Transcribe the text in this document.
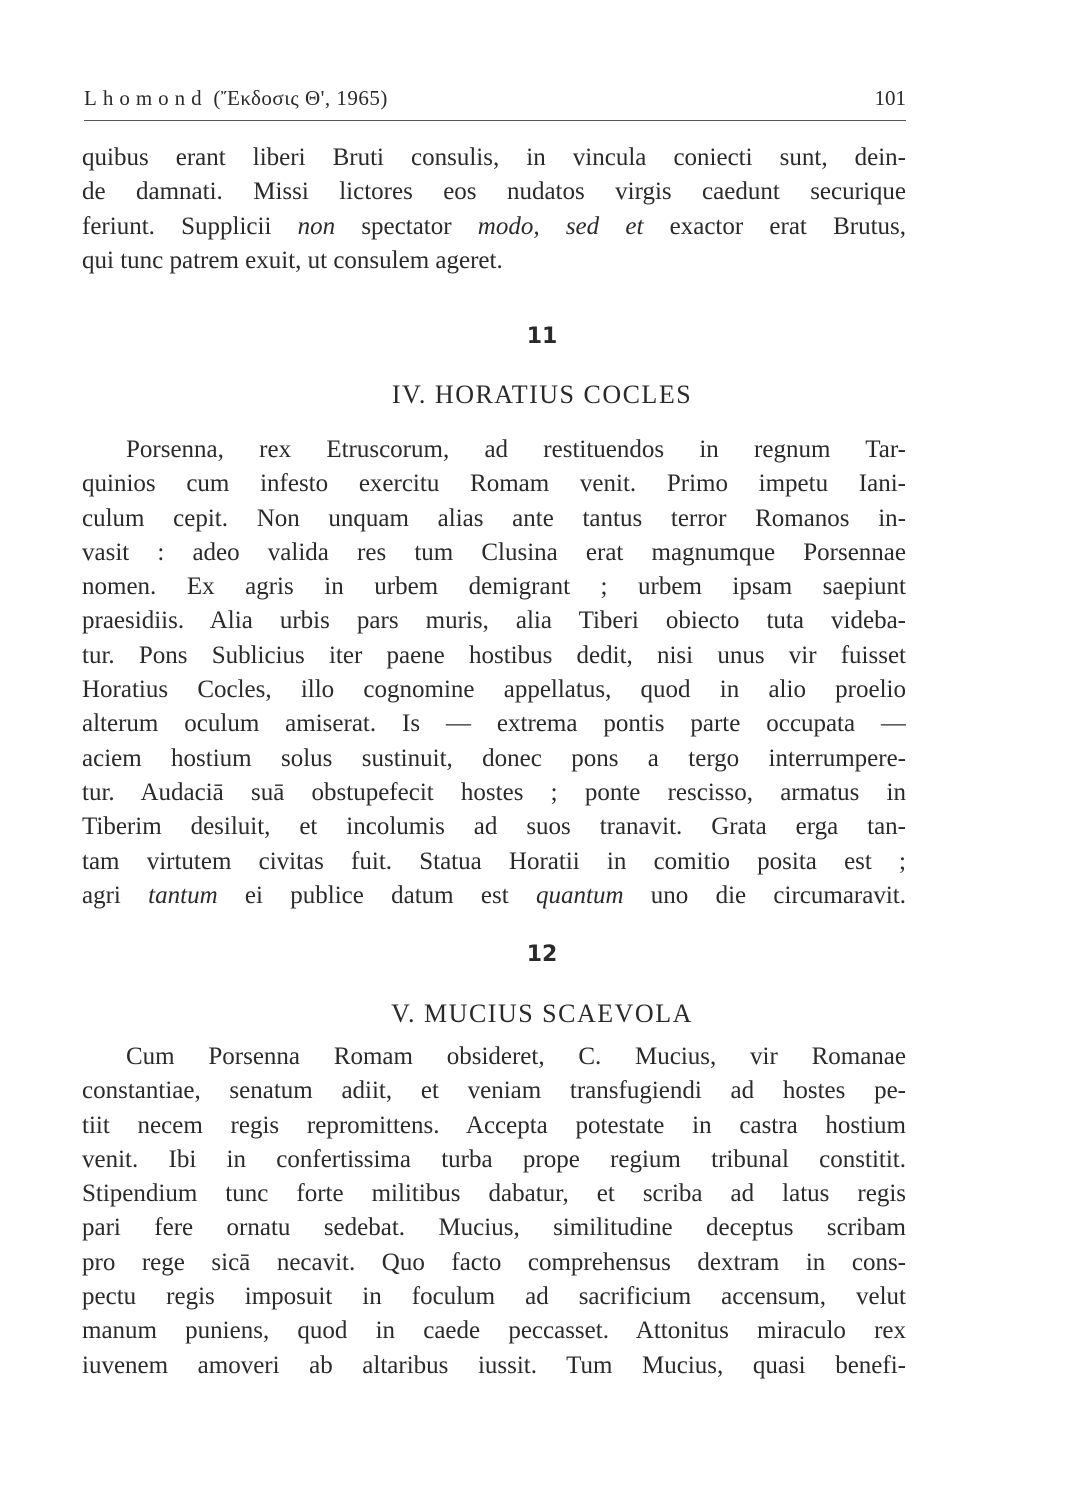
Lhomond (Ἔκδοσις Θ', 1965)	101
quibus erant liberi Bruti consulis, in vincula coniecti sunt, dein-
de damnati. Missi lictores eos nudatos virgis caedunt securique
feriunt. Supplicii non spectator modo, sed et exactor erat Brutus,
qui tunc patrem exuit, ut consulem ageret.
11
IV. HORATIUS COCLES
Porsenna, rex Etruscorum, ad restituendos in regnum Tar-
quinios cum infesto exercitu Romam venit. Primo impetu Iani-
culum cepit. Non unquam alias ante tantus terror Romanos in-
vasit : adeo valida res tum Clusina erat magnumque Porsennae
nomen. Ex agris in urbem demigrant ; urbem ipsam saepiunt
praesidiis. Alia urbis pars muris, alia Tiberi obiecto tuta videba-
tur. Pons Sublicius iter paene hostibus dedit, nisi unus vir fuisset
Horatius Cocles, illo cognomine appellatus, quod in alio proelio
alterum oculum amiserat. Is — extrema pontis parte occupata —
aciem hostium solus sustinuit, donec pons a tergo interrumpere-
tur. Audaciā suā obstupefecit hostes ; ponte rescisso, armatus in
Tiberim desiluit, et incolumis ad suos tranavit. Grata erga tan-
tam virtutem civitas fuit. Statua Horatii in comitio posita est ;
agri tantum ei publice datum est quantum uno die circumaravit.
12
V. MUCIUS SCAEVOLA
Cum Porsenna Romam obsideret, C. Mucius, vir Romanae
constantiae, senatum adiit, et veniam transfugiendi ad hostes pe-
tiit necem regis repromittens. Accepta potestate in castra hostium
venit. Ibi in confertissima turba prope regium tribunal constitit.
Stipendium tunc forte militibus dabatur, et scriba ad latus regis
pari fere ornatu sedebat. Mucius, similitudine deceptus scribam
pro rege sicā necavit. Quo facto comprehensus dextram in cons-
pectu regis imposuit in foculum ad sacrificium accensum, velut
manum puniens, quod in caede peccasset. Attonitus miraculo rex
iuvenem amoveri ab altaribus iussit. Tum Mucius, quasi benefi-
